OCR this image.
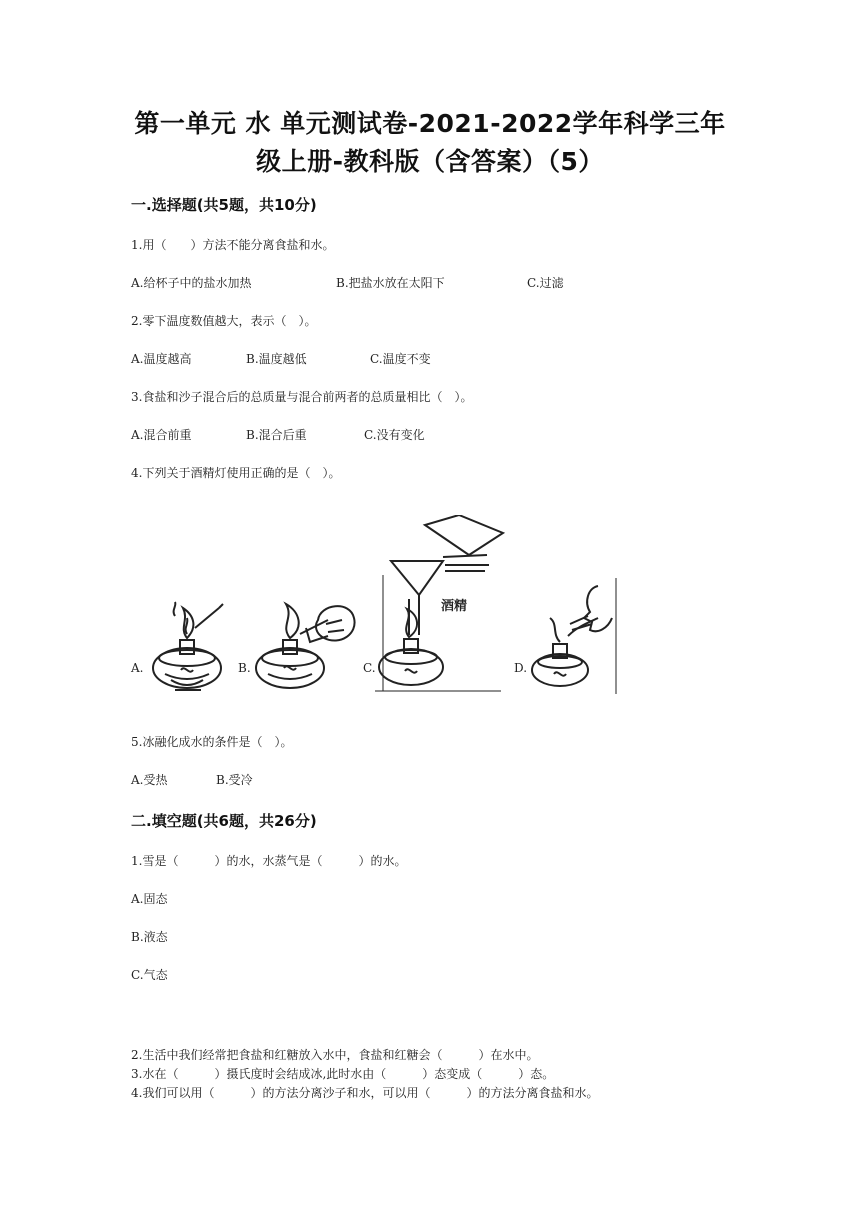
第一单元 水 单元测试卷-2021-2022学年科学三年
级上册-教科版（含答案）（5）
一.选择题(共5题，共10分)
1.用（　　）方法不能分离食盐和水。
A.给杯子中的盐水加热	B.把盐水放在太阳下	C.过滤
2.零下温度数值越大，表示（　）。
A.温度越高	B.温度越低	C.温度不变
3.食盐和沙子混合后的总质量与混合前两者的总质量相比（　）。
A.混合前重	B.混合后重	C.没有变化
4.下列关于酒精灯使用正确的是（　）。
A.	B.	C.
酒精
D.
5.冰融化成水的条件是（　）。
A.受热	B.受冷
二.填空题(共6题，共26分)
1.雪是（　　　）的水，水蒸气是（　　　）的水。
A.固态
B.液态
C.气态
2.生活中我们经常把食盐和红糖放入水中，食盐和红糖会（　　　）在水中。
3.水在（　　　）摄氏度时会结成冰,此时水由（　　　）态变成（　　　）态。
4.我们可以用（　　　）的方法分离沙子和水，可以用（　　　）的方法分离食盐和水。
